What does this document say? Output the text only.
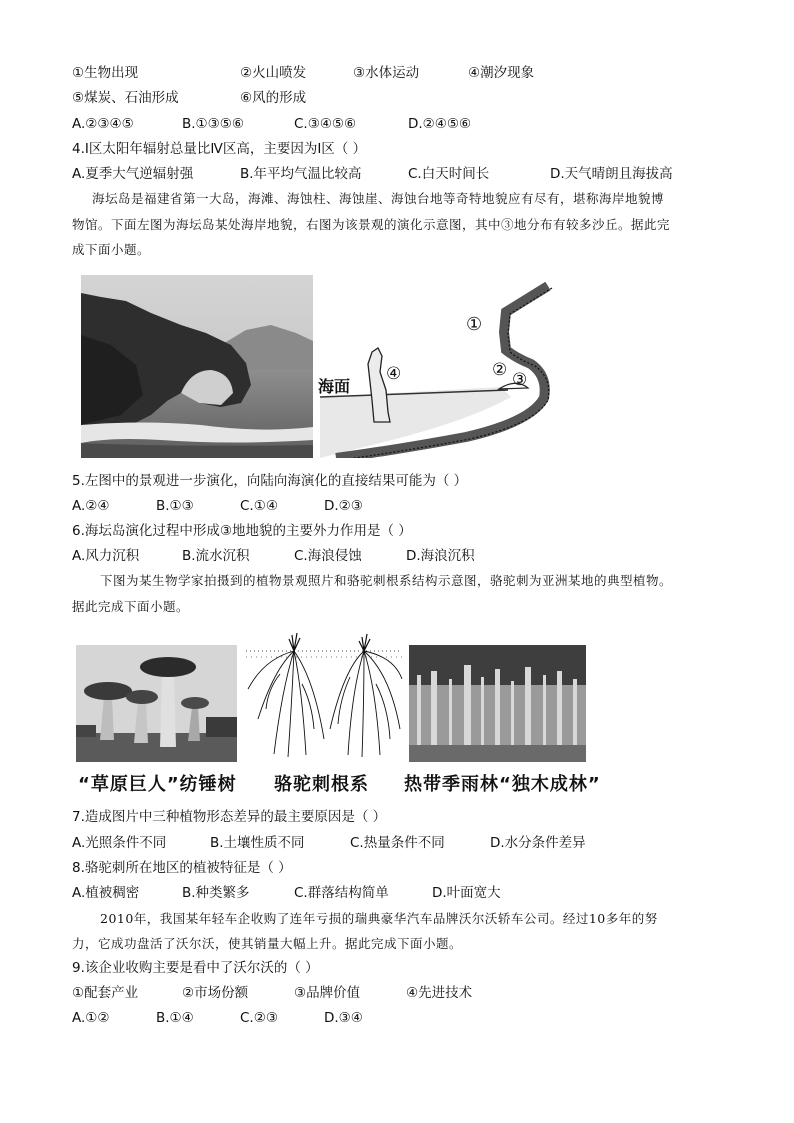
①生物出现	②火山喷发	③水体运动	④潮汐现象
⑤煤炭、石油形成	⑥风的形成
A.②③④⑤	B.①③⑤⑥	C.③④⑤⑥	D.②④⑤⑥
4.Ⅰ区太阳年辐射总量比Ⅳ区高，主要因为Ⅰ区（ ）
A.夏季大气逆辐射强	B.年平均气温比较高	C.白天时间长	D.天气晴朗且海拔高
海坛岛是福建省第一大岛，海滩、海蚀柱、海蚀崖、海蚀台地等奇特地貌应有尽有，堪称海岸地貌博
物馆。下面左图为海坛岛某处海岸地貌，右图为该景观的演化示意图，其中③地分布有较多沙丘。据此完
成下面小题。
海面
①
② ③
④
5.左图中的景观进一步演化，向陆向海演化的直接结果可能为（ ）
A.②④	B.①③	C.①④	D.②③
6.海坛岛演化过程中形成③地地貌的主要外力作用是（ ）
A.风力沉积	B.流水沉积	C.海浪侵蚀	D.海浪沉积
下图为某生物学家拍摄到的植物景观照片和骆驼刺根系结构示意图，骆驼刺为亚洲某地的典型植物。
据此完成下面小题。
“草原巨人”纺锤树 骆驼刺根系 热带季雨林“独木成林”
7.造成图片中三种植物形态差异的最主要原因是（ ）
A.光照条件不同	B.土壤性质不同	C.热量条件不同	D.水分条件差异
8.骆驼刺所在地区的植被特征是（ ）
A.植被稠密	B.种类繁多	C.群落结构简单	D.叶面宽大
2010年，我国某年轻车企收购了连年亏损的瑞典豪华汽车品牌沃尔沃轿车公司。经过10多年的努
力，它成功盘活了沃尔沃，使其销量大幅上升。据此完成下面小题。
9.该企业收购主要是看中了沃尔沃的（ ）
①配套产业	②市场份额	③品牌价值	④先进技术
A.①②	B.①④	C.②③	D.③④
